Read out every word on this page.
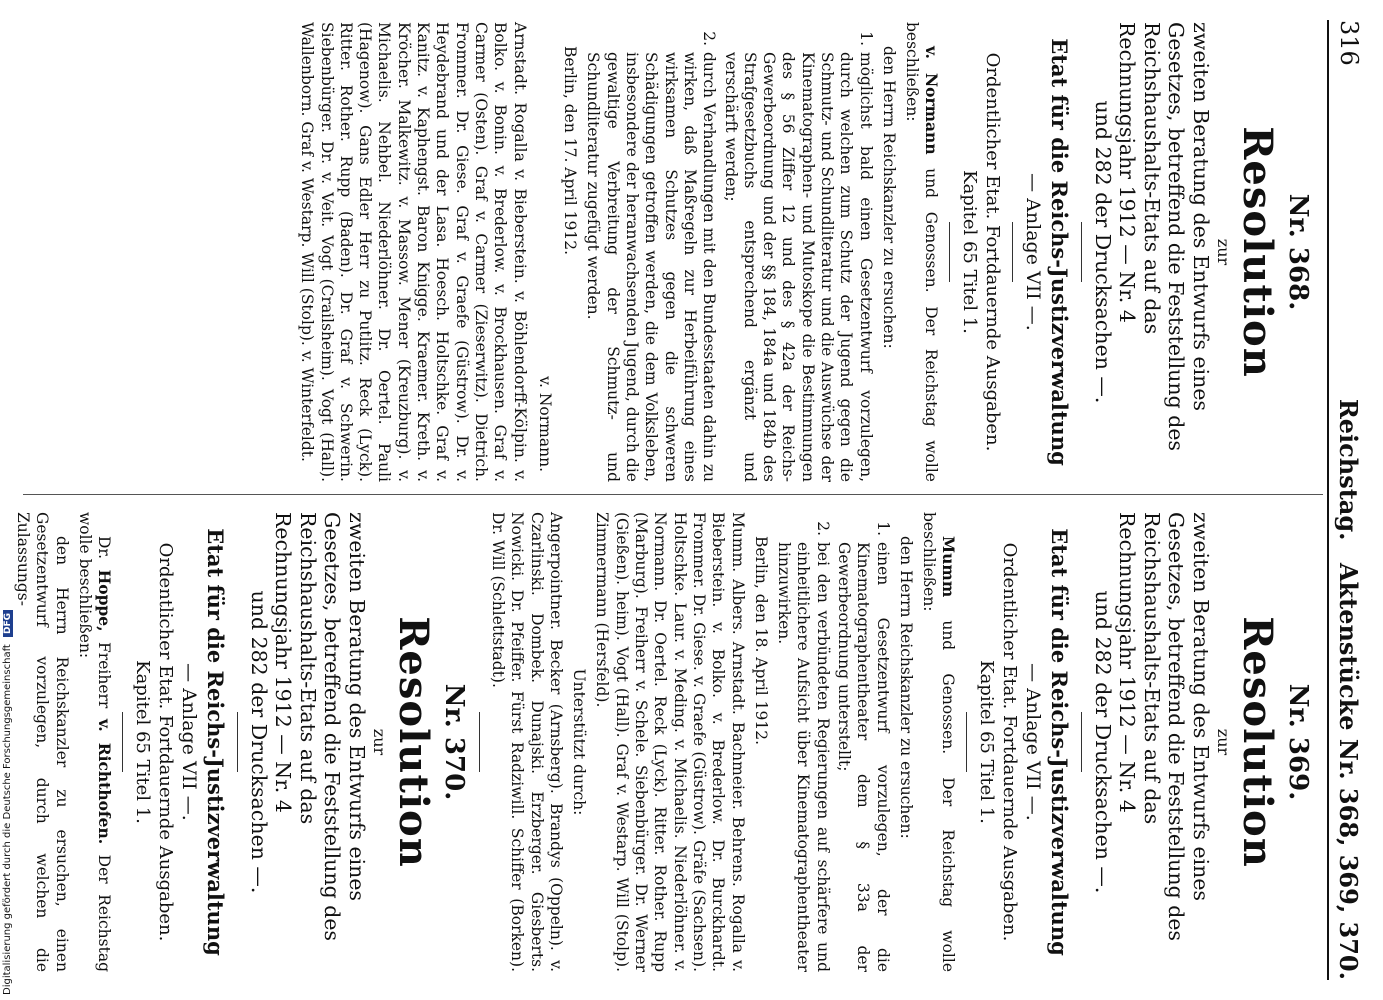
316
Reichstag. Aktenstücke Nr. 368, 369, 370.
Nr. 368.
Resolution
zur
zweiten Beratung des Entwurfs eines Gesetzes, betreffend die Feststellung des Reichshaushalts-Etats auf das Rechnungsjahr 1912 — Nr. 4
und 282 der Drucksachen —.
Etat für die Reichs-Justizverwaltung
— Anlage VII —.
Ordentlicher Etat. Fortdauernde Ausgaben.
Kapitel 65 Titel 1.
v. Normann und Genossen. Der Reichstag wolle beschließen:
den Herrn Reichskanzler zu ersuchen:
1.
möglichst bald einen Gesetzentwurf vorzulegen, durch welchen zum Schutz der Jugend gegen die Schmutz- und Schundliteratur und die Auswüchse der Kinematographen- und Mutoskope die Bestimmungen des § 56 Ziffer 12 und des § 42a der Reichs-Gewerbeordnung und der §§ 184, 184a und 184b des Strafgesetzbuchs entsprechend ergänzt und verschärft werden;
2.
durch Verhandlungen mit den Bundesstaaten dahin zu wirken, daß Maßregeln zur Herbeiführung eines wirksamen Schutzes gegen die schweren Schädigungen getroffen werden, die dem Volksleben, insbesondere der heranwachsenden Jugend, durch die gewaltige Verbreitung der Schmutz- und Schundliteratur zugefügt werden.
Berlin, den 17. April 1912.
v. Normann.
Arnstadt. Rogalla v. Bieberstein. v. Böhlendorff-Kölpin. v. Bolko. v. Bonin. v. Brederlow. v. Brockhausen. Graf v. Carmer (Osten). Graf v. Carmer (Zieserwitz). Dietrich. Frommer. Dr. Giese. Graf v. Graefe (Güstrow). Dr. v. Heydebrand und der Lasa. Hoesch. Holtschke. Graf v. Kanitz. v. Kaphengst. Baron Knigge. Kraemer. Kreth. v. Kröcher. Malkewitz. v. Massow. Mener (Kreuzburg). v. Michaelis. Nehbel. Niederlöhner. Dr. Oertel. Pauli (Hagenow). Gans Edler Herr zu Putlitz. Reck (Lyck). Ritter. Rother. Rupp (Baden). Dr. Graf v. Schwerin. Siebenbürger. Dr. v. Veit. Vogt (Crailsheim). Vogt (Hall). Wallenborn. Graf v. Westarp. Will (Stolp). v. Winterfeldt.
Nr. 369.
Resolution
zur
zweiten Beratung des Entwurfs eines Gesetzes, betreffend die Feststellung des Reichshaushalts-Etats auf das Rechnungsjahr 1912 — Nr. 4
und 282 der Drucksachen —.
Etat für die Reichs-Justizverwaltung
— Anlage VII —.
Ordentlicher Etat. Fortdauernde Ausgaben.
Kapitel 65 Titel 1.
Mumm und Genossen. Der Reichstag wolle beschließen:
den Herrn Reichskanzler zu ersuchen:
1.
einen Gesetzentwurf vorzulegen, der die Kinematographentheater dem § 33a der Gewerbeordnung unterstellt;
2.
bei den verbündeten Regierungen auf schärfere und einheitlichere Aufsicht über Kinematographentheater hinzuwirken.
Berlin, den 18. April 1912.
Mumm. Albers. Arnstadt. Bachmeier. Behrens. Rogalla v. Bieberstein. v. Bolko. v. Brederlow. Dr. Burckhardt. Frommer. Dr. Giese. v. Graefe (Güstrow). Gräfe (Sachsen). Holtschke. Laur. v. Meding. v. Michaelis. Niederlöhner. v. Normann. Dr. Oertel. Reck (Lyck). Ritter. Rother. Rupp (Marburg). Freiherr v. Schele. Siebenbürger. Dr. Werner (Gießen). heim). Vogt (Hall). Graf v. Westarp. Will (Stolp). Zimmermann (Hersfeld).
Unterstützt durch:
Angerpointner. Becker (Arnsberg). Brandys (Oppeln). v. Czarlinski. Dombek. Dunajski. Erzberger. Giesberts. Nowicki. Dr. Pfeiffer. Fürst Radziwill. Schiffer (Borken). Dr. Will (Schlettstadt).
Nr. 370.
Resolution
zur
zweiten Beratung des Entwurfs eines Gesetzes, betreffend die Feststellung des Reichshaushalts-Etats auf das Rechnungsjahr 1912 — Nr. 4
und 282 der Drucksachen —.
Etat für die Reichs-Justizverwaltung
— Anlage VII —.
Ordentlicher Etat. Fortdauernde Ausgaben.
Kapitel 65 Titel 1.
Dr. Hoppe, Freiherr v. Richthofen. Der Reichstag wolle beschließen:
den Herrn Reichskanzler zu ersuchen, einen Gesetzentwurf vorzulegen, durch welchen die Zulassungs-
Digitalisierung gefördert durch die Deutsche Forschungsgemeinschaft DFG
